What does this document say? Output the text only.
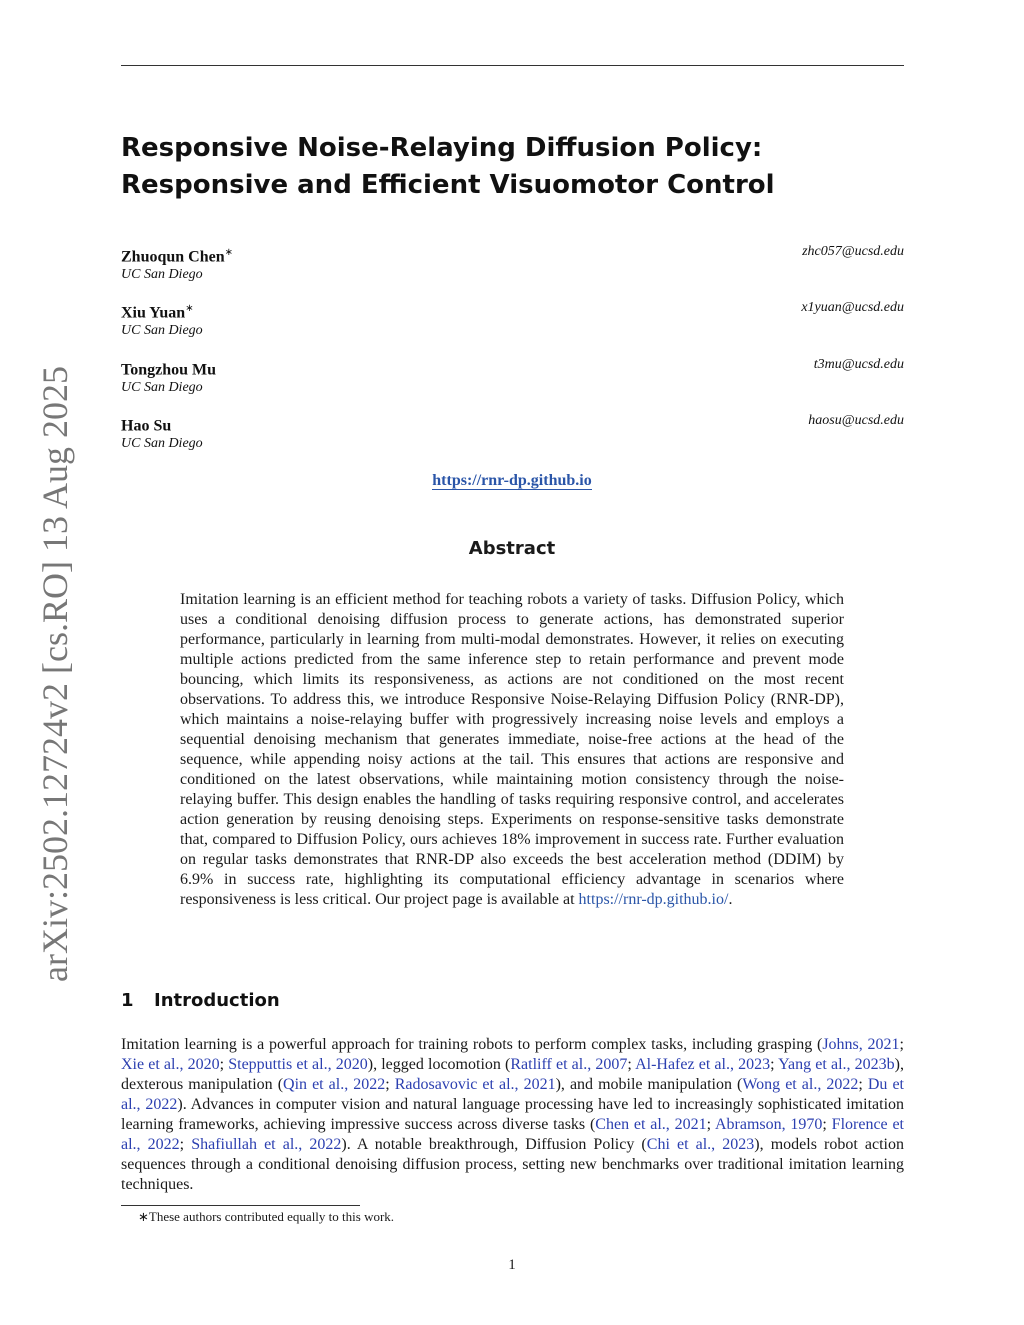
arXiv:2502.12724v2 [cs.RO] 13 Aug 2025
Responsive Noise-Relaying Diffusion Policy:
Responsive and Efficient Visuomotor Control
Zhuoqun Chen∗
UC San Diego
zhc057@ucsd.edu
Xiu Yuan∗
UC San Diego
x1yuan@ucsd.edu
Tongzhou Mu
UC San Diego
t3mu@ucsd.edu
Hao Su
UC San Diego
haosu@ucsd.edu
https://rnr-dp.github.io
Abstract
Imitation learning is an efficient method for teaching robots a variety of tasks. Diffusion Policy, which uses a conditional denoising diffusion process to generate actions, has demonstrated superior performance, particularly in learning from multi-modal demonstrates. However, it relies on executing multiple actions predicted from the same inference step to retain performance and prevent mode bouncing, which limits its responsiveness, as actions are not conditioned on the most recent observations. To address this, we introduce Responsive Noise-Relaying Diffusion Policy (RNR-DP), which maintains a noise-relaying buffer with progressively increasing noise levels and employs a sequential denoising mechanism that generates immediate, noise-free actions at the head of the sequence, while appending noisy actions at the tail. This ensures that actions are responsive and conditioned on the latest observations, while maintaining motion consistency through the noise-relaying buffer. This design enables the handling of tasks requiring responsive control, and accelerates action generation by reusing denoising steps. Experiments on response-sensitive tasks demonstrate that, compared to Diffusion Policy, ours achieves 18% improvement in success rate. Further evaluation on regular tasks demonstrates that RNR-DP also exceeds the best acceleration method (DDIM) by 6.9% in success rate, highlighting its computational efficiency advantage in scenarios where responsiveness is less critical. Our project page is available at https://rnr-dp.github.io/.
1 Introduction
Imitation learning is a powerful approach for training robots to perform complex tasks, including grasping (Johns, 2021; Xie et al., 2020; Stepputtis et al., 2020), legged locomotion (Ratliff et al., 2007; Al-Hafez et al., 2023; Yang et al., 2023b), dexterous manipulation (Qin et al., 2022; Radosavovic et al., 2021), and mobile manipulation (Wong et al., 2022; Du et al., 2022). Advances in computer vision and natural language processing have led to increasingly sophisticated imitation learning frameworks, achieving impressive success across diverse tasks (Chen et al., 2021; Abramson, 1970; Florence et al., 2022; Shafiullah et al., 2022). A notable breakthrough, Diffusion Policy (Chi et al., 2023), models robot action sequences through a conditional denoising diffusion process, setting new benchmarks over traditional imitation learning techniques.
∗These authors contributed equally to this work.
1
